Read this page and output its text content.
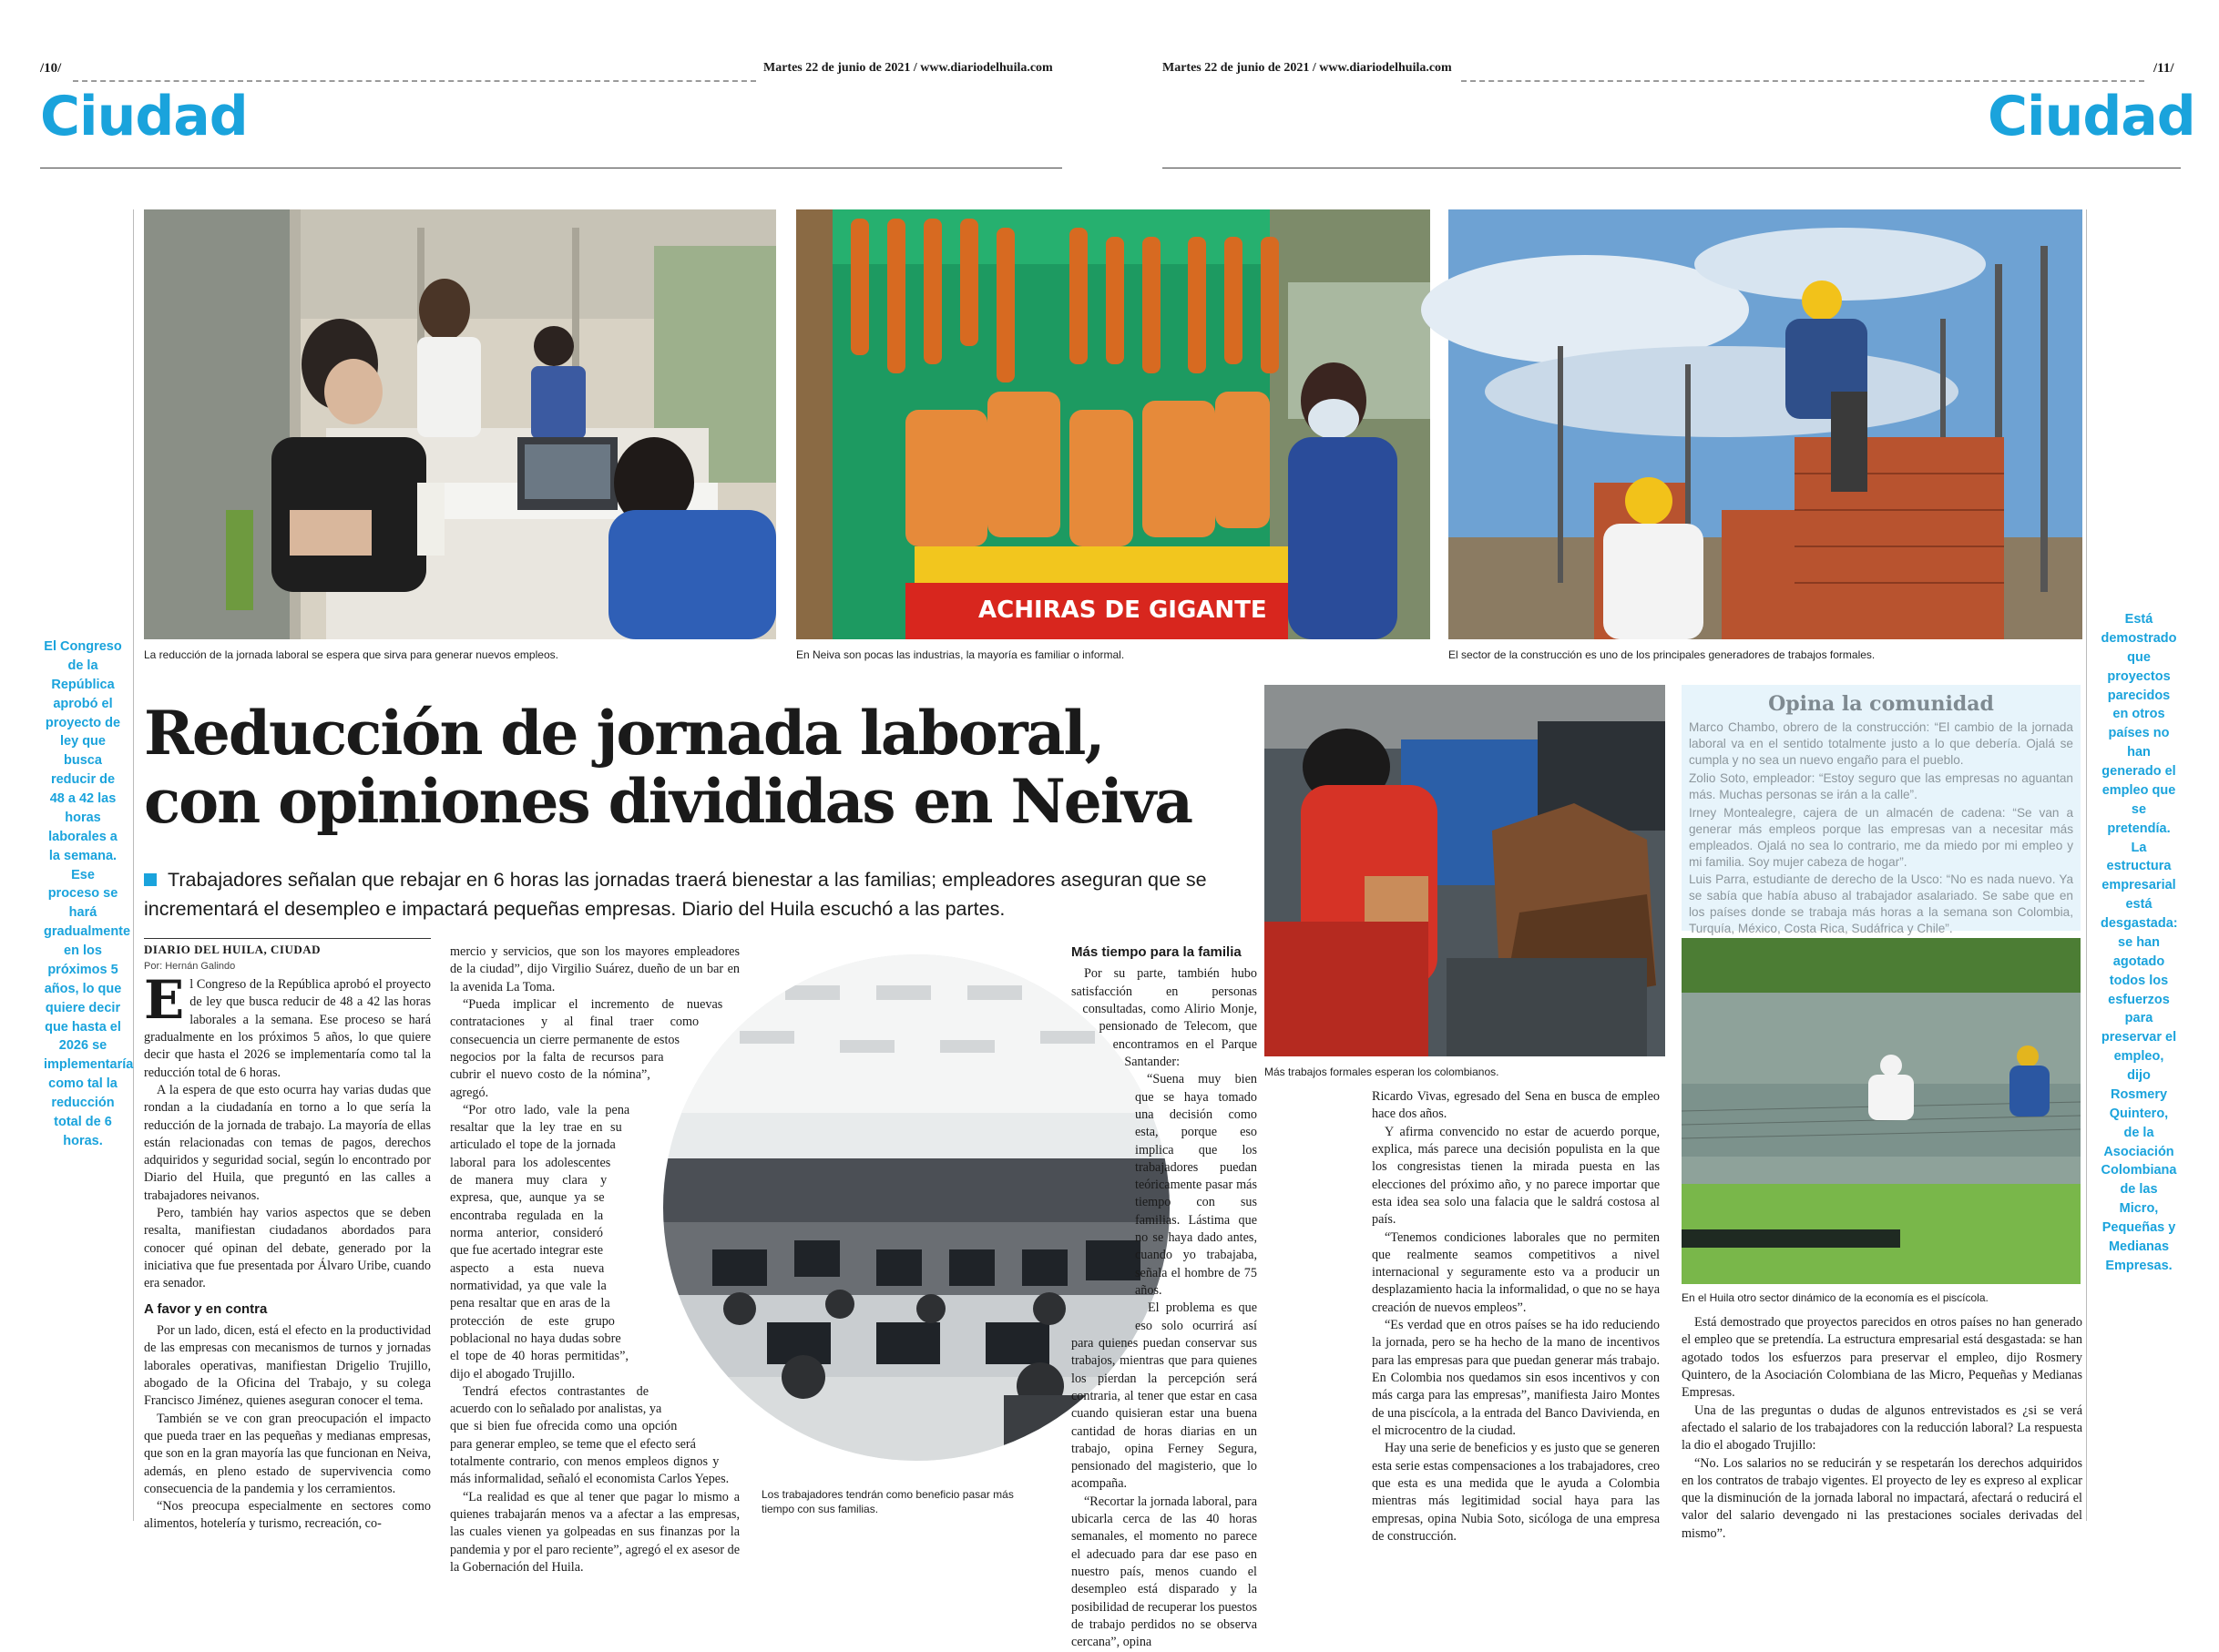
/10/	Martes 22 de junio de 2021 / www.diariodelhuila.com	Martes 22 de junio de 2021 / www.diariodelhuila.com	/11/
Ciudad	Ciudad
La reducción de la jornada laboral se espera que sirva para generar nuevos empleos.
ACHIRAS DE GIGANTE
En Neiva son pocas las industrias, la mayoría es familiar o informal.	El sector de la construcción es uno de los principales generadores de trabajos formales.
El Congreso de la República aprobó el proyecto de ley que busca reducir de 48 a 42 las horas laborales a la semana. Ese proceso se hará gradualmente en los próximos 5 años, lo que quiere decir que hasta el 2026 se implementaría como tal la reducción total de 6 horas.
Está demostrado que proyectos parecidos en otros países no han generado el empleo que se pretendía. La estructura empresarial está desgastada: se han agotado todos los esfuerzos para preservar el empleo, dijo Rosmery Quintero, de la Asociación Colombiana de las Micro, Pequeñas y Medianas Empresas.
Reducción de jornada laboral,
con opiniones divididas en Neiva
Trabajadores señalan que rebajar en 6 horas las jornadas traerá bienestar a las familias; empleadores aseguran que se incrementará el desempleo e impactará pequeñas empresas. Diario del Huila escuchó a las partes.
DIARIO DEL HUILA, CIUDAD
Por: Hernán Galindo

El Congreso de la República aprobó el proyecto de ley que busca reducir de 48 a 42 las horas laborales a la semana. Ese proceso se hará gradualmente en los próximos 5 años, lo que quiere decir que hasta el 2026 se implementaría como tal la reducción total de 6 horas.

A la espera de que esto ocurra hay varias dudas que rondan a la ciudadanía en torno a lo que sería la reducción de la jornada de trabajo. La mayoría de ellas están relacionadas con temas de pagos, derechos adquiridos y seguridad social, según lo encontrado por Diario del Huila, que preguntó en las calles a trabajadores neivanos.

Pero, también hay varios aspectos que se deben resalta, manifiestan ciudadanos abordados para conocer qué opinan del debate, generado por la iniciativa que fue presentada por Álvaro Uribe, cuando era senador.

A favor y en contra

Por un lado, dicen, está el efecto en la productividad de las empresas con mecanismos de turnos y jornadas laborales operativas, manifiestan Drigelio Trujillo, abogado de la Oficina del Trabajo, y su colega Francisco Jiménez, quienes aseguran conocer el tema.

También se ve con gran preocupación el impacto que pueda traer en las pequeñas y medianas empresas, que son en la gran mayoría las que funcionan en Neiva, además, en pleno estado de supervivencia como consecuencia de la pandemia y los cerramientos.

“Nos preocupa especialmente en sectores como alimentos, hotelería y turismo, recreación, co-

mercio y servicios, que son los mayores empleadores de la ciudad”, dijo Virgilio Suárez, dueño de un bar en la avenida La Toma.

“Pueda implicar el incremento de nuevas contrataciones y al final traer como consecuencia un cierre permanente de estos negocios por la falta de recursos para cubrir el nuevo costo de la nómina”, agregó.

“Por otro lado, vale la pena resaltar que la ley trae en su articulado el tope de la jornada laboral para los adolescentes de manera muy clara y expresa, que, aunque ya se encontraba regulada en la norma anterior, consideró que fue acertado integrar este aspecto a esta nueva normatividad, ya que vale la pena resaltar que en aras de la protección de este grupo poblacional no haya dudas sobre el tope de 40 horas permitidas”, dijo el abogado Trujillo.

Tendrá efectos contrastantes de acuerdo con lo señalado por analistas, ya que si bien fue ofrecida como una opción para generar empleo, se teme que el efecto será totalmente contrario, con menos empleos dignos y más informalidad, señaló el economista Carlos Yepes.

“La realidad es que al tener que pagar lo mismo a quienes trabajarán menos va a afectar a las empresas, las cuales vienen ya golpeadas en sus finanzas por la pandemia y por el paro reciente”, agregó el ex asesor de la Gobernación del Huila.

Los trabajadores tendrán como beneficio pasar más tiempo con sus familias.
Más tiempo para la familia

Por su parte, también hubo satisfacción en personas consultadas, como Alirio Monje, pensionado de Telecom, que encontramos en el Parque Santander:

“Suena muy bien que se haya tomado una decisión como esta, porque eso implica que los trabajadores puedan teóricamente pasar más tiempo con sus familias. Lástima que no se haya dado antes, cuando yo trabajaba, señala el hombre de 75 años.

El problema es que eso solo ocurrirá así para quienes puedan conservar sus trabajos, mientras que para quienes los pierdan la percepción será contraria, al tener que estar en casa cuando quisieran estar una buena cantidad de horas diarias en un trabajo, opina Ferney Segura, pensionado del magisterio, que lo acompaña.

“Recortar la jornada laboral, para ubicarla cerca de las 40 horas semanales, el momento no parece el adecuado para dar ese paso en nuestro país, menos cuando el desempleo está disparado y la posibilidad de recuperar los puestos de trabajo perdidos no se observa cercana”, opina

Más trabajos formales esperan los colombianos.

Ricardo Vivas, egresado del Sena en busca de empleo hace dos años.

Y afirma convencido no estar de acuerdo porque, explica, más parece una decisión populista en la que los congresistas tienen la mirada puesta en las elecciones del próximo año, y no parece importar que esta idea sea solo una falacia que le saldrá costosa al país.

“Tenemos condiciones laborales que no permiten que realmente seamos competitivos a nivel internacional y seguramente esto va a producir un desplazamiento hacia la informalidad, o que no se haya creación de nuevos empleos”.

“Es verdad que en otros países se ha ido reduciendo la jornada, pero se ha hecho de la mano de incentivos para las empresas para que puedan generar más trabajo. En Colombia nos quedamos sin esos incentivos y con más carga para las empresas”, manifiesta Jairo Montes de una piscícola, a la entrada del Banco Davivienda, en el microcentro de la ciudad.

Hay una serie de beneficios y es justo que se generen esta serie estas compensaciones a los trabajadores, creo que esta es una medida que le ayuda a Colombia mientras más legitimidad social haya para las empresas, opina Nubia Soto, sicóloga de una empresa de construcción.

Opina la comunidad

Marco Chambo, obrero de la construcción: “El cambio de la jornada laboral va en el sentido totalmente justo a lo que debería. Ojalá se cumpla y no sea un nuevo engaño para el pueblo.

Zolio Soto, empleador: “Estoy seguro que las empresas no aguantan más. Muchas personas se irán a la calle”.

Irney Montealegre, cajera de un almacén de cadena: “Se van a generar más empleos porque las empresas van a necesitar más empleados. Ojalá no sea lo contrario, me da miedo por mi empleo y mi familia. Soy mujer cabeza de hogar”.

Luis Parra, estudiante de derecho de la Usco: “No es nada nuevo. Ya se sabía que había abuso al trabajador asalariado. Se sabe que en los países donde se trabaja más horas a la semana son Colombia, Turquía, México, Costa Rica, Sudáfrica y Chile”.

En el Huila otro sector dinámico de la economía es el piscícola.

Está demostrado que proyectos parecidos en otros países no han generado el empleo que se pretendía. La estructura empresarial está desgastada: se han agotado todos los esfuerzos para preservar el empleo, dijo Rosmery Quintero, de la Asociación Colombiana de las Micro, Pequeñas y Medianas Empresas.

Una de las preguntas o dudas de algunos entrevistados es ¿si se verá afectado el salario de los trabajadores con la reducción laboral? La respuesta la dio el abogado Trujillo:

“No. Los salarios no se reducirán y se respetarán los derechos adquiridos en los contratos de trabajo vigentes. El proyecto de ley es expreso al explicar que la disminución de la jornada laboral no impactará, afectará o reducirá el valor del salario devengado ni las prestaciones sociales derivadas del mismo”.
